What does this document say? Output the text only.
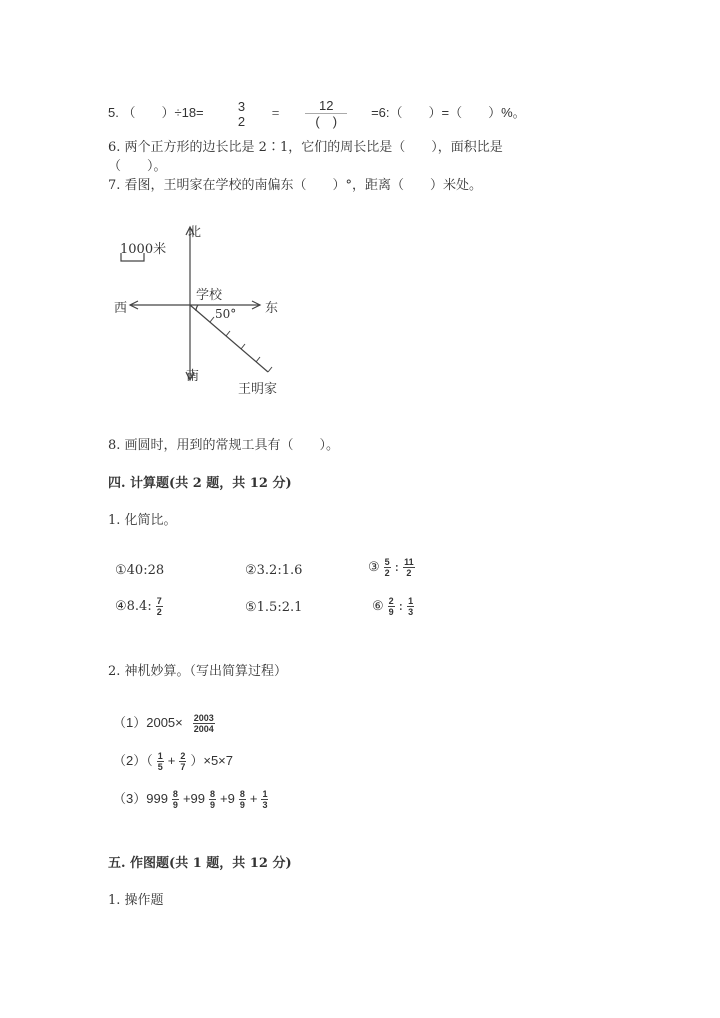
5. （　　）÷18=	3
2
=	12
(　)
=6:（　　）=（　　）%。
6. 两个正方形的边长比是 2∶1，它们的周长比是（　　），面积比是
（　　）。
7. 看图，王明家在学校的南偏东（　　）°，距离（　　）米处。
北
南
东
西
学校
50°
王明家
1000米
8. 画圆时，用到的常规工具有（　　）。
四. 计算题(共 2 题，共 12 分)
1. 化简比。
①40:28	②3.2:1.6	③ $\frac{5}{2}$ : $\frac{11}{2}$
④8.4: $\frac{7}{2}$	⑤1.5:2.1	⑥ $\frac{2}{9}$ : $\frac{1}{3}$
2. 神机妙算。（写出简算过程）
$(1)2005\times \frac{2003}{2004}$
$(2)( \frac{1}{5} + \frac{2}{7} )\times 5\times 7$
$(3)999 \frac{8}{9} +99 \frac{8}{9} +9 \frac{8}{9} + \frac{1}{3}$
五. 作图题(共 1 题，共 12 分)
1. 操作题
